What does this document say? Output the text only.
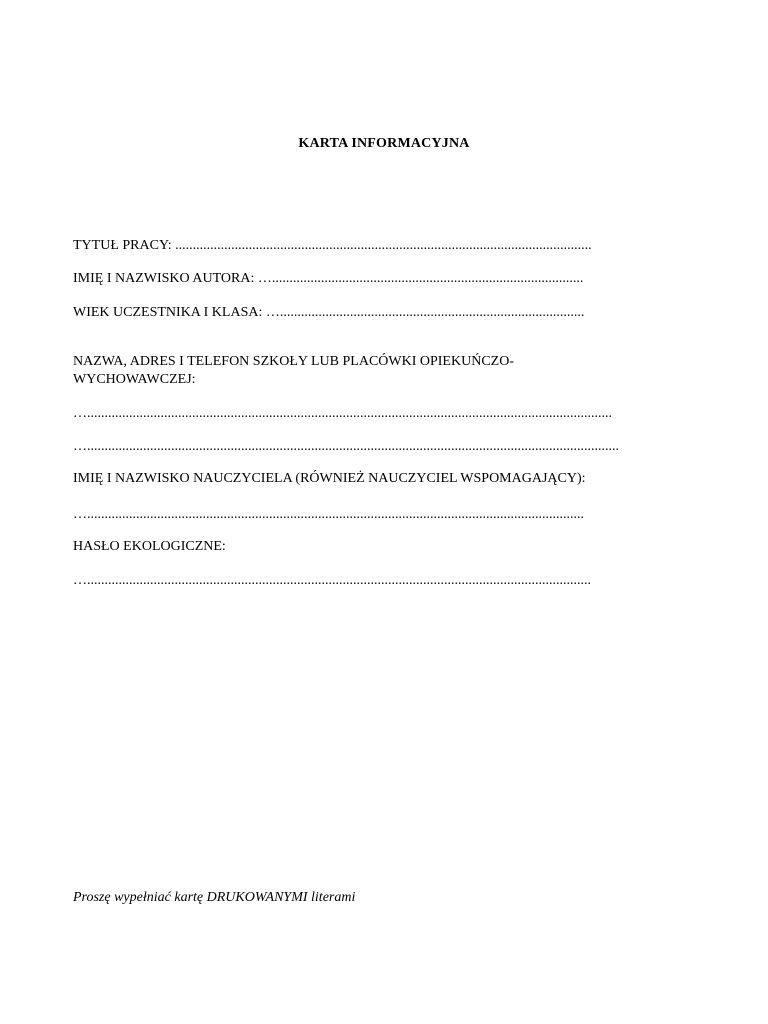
KARTA INFORMACYJNA
TYTUŁ PRACY: .......................................................................................................................
IMIĘ I NAZWISKO AUTORA: ….........................................................................................
WIEK UCZESTNIKA I KLASA: ….......................................................................................
NAZWA, ADRES I TELEFON SZKOŁY LUB PLACÓWKI OPIEKUŃCZO-
WYCHOWAWCZEJ:
…......................................................................................................................................................
…........................................................................................................................................................
IMIĘ I NAZWISKO NAUCZYCIELA (RÓWNIEŻ NAUCZYCIEL WSPOMAGAJĄCY):
…..............................................................................................................................................
HASŁO EKOLOGICZNE:
…................................................................................................................................................
Proszę wypełniać kartę DRUKOWANYMI literami
